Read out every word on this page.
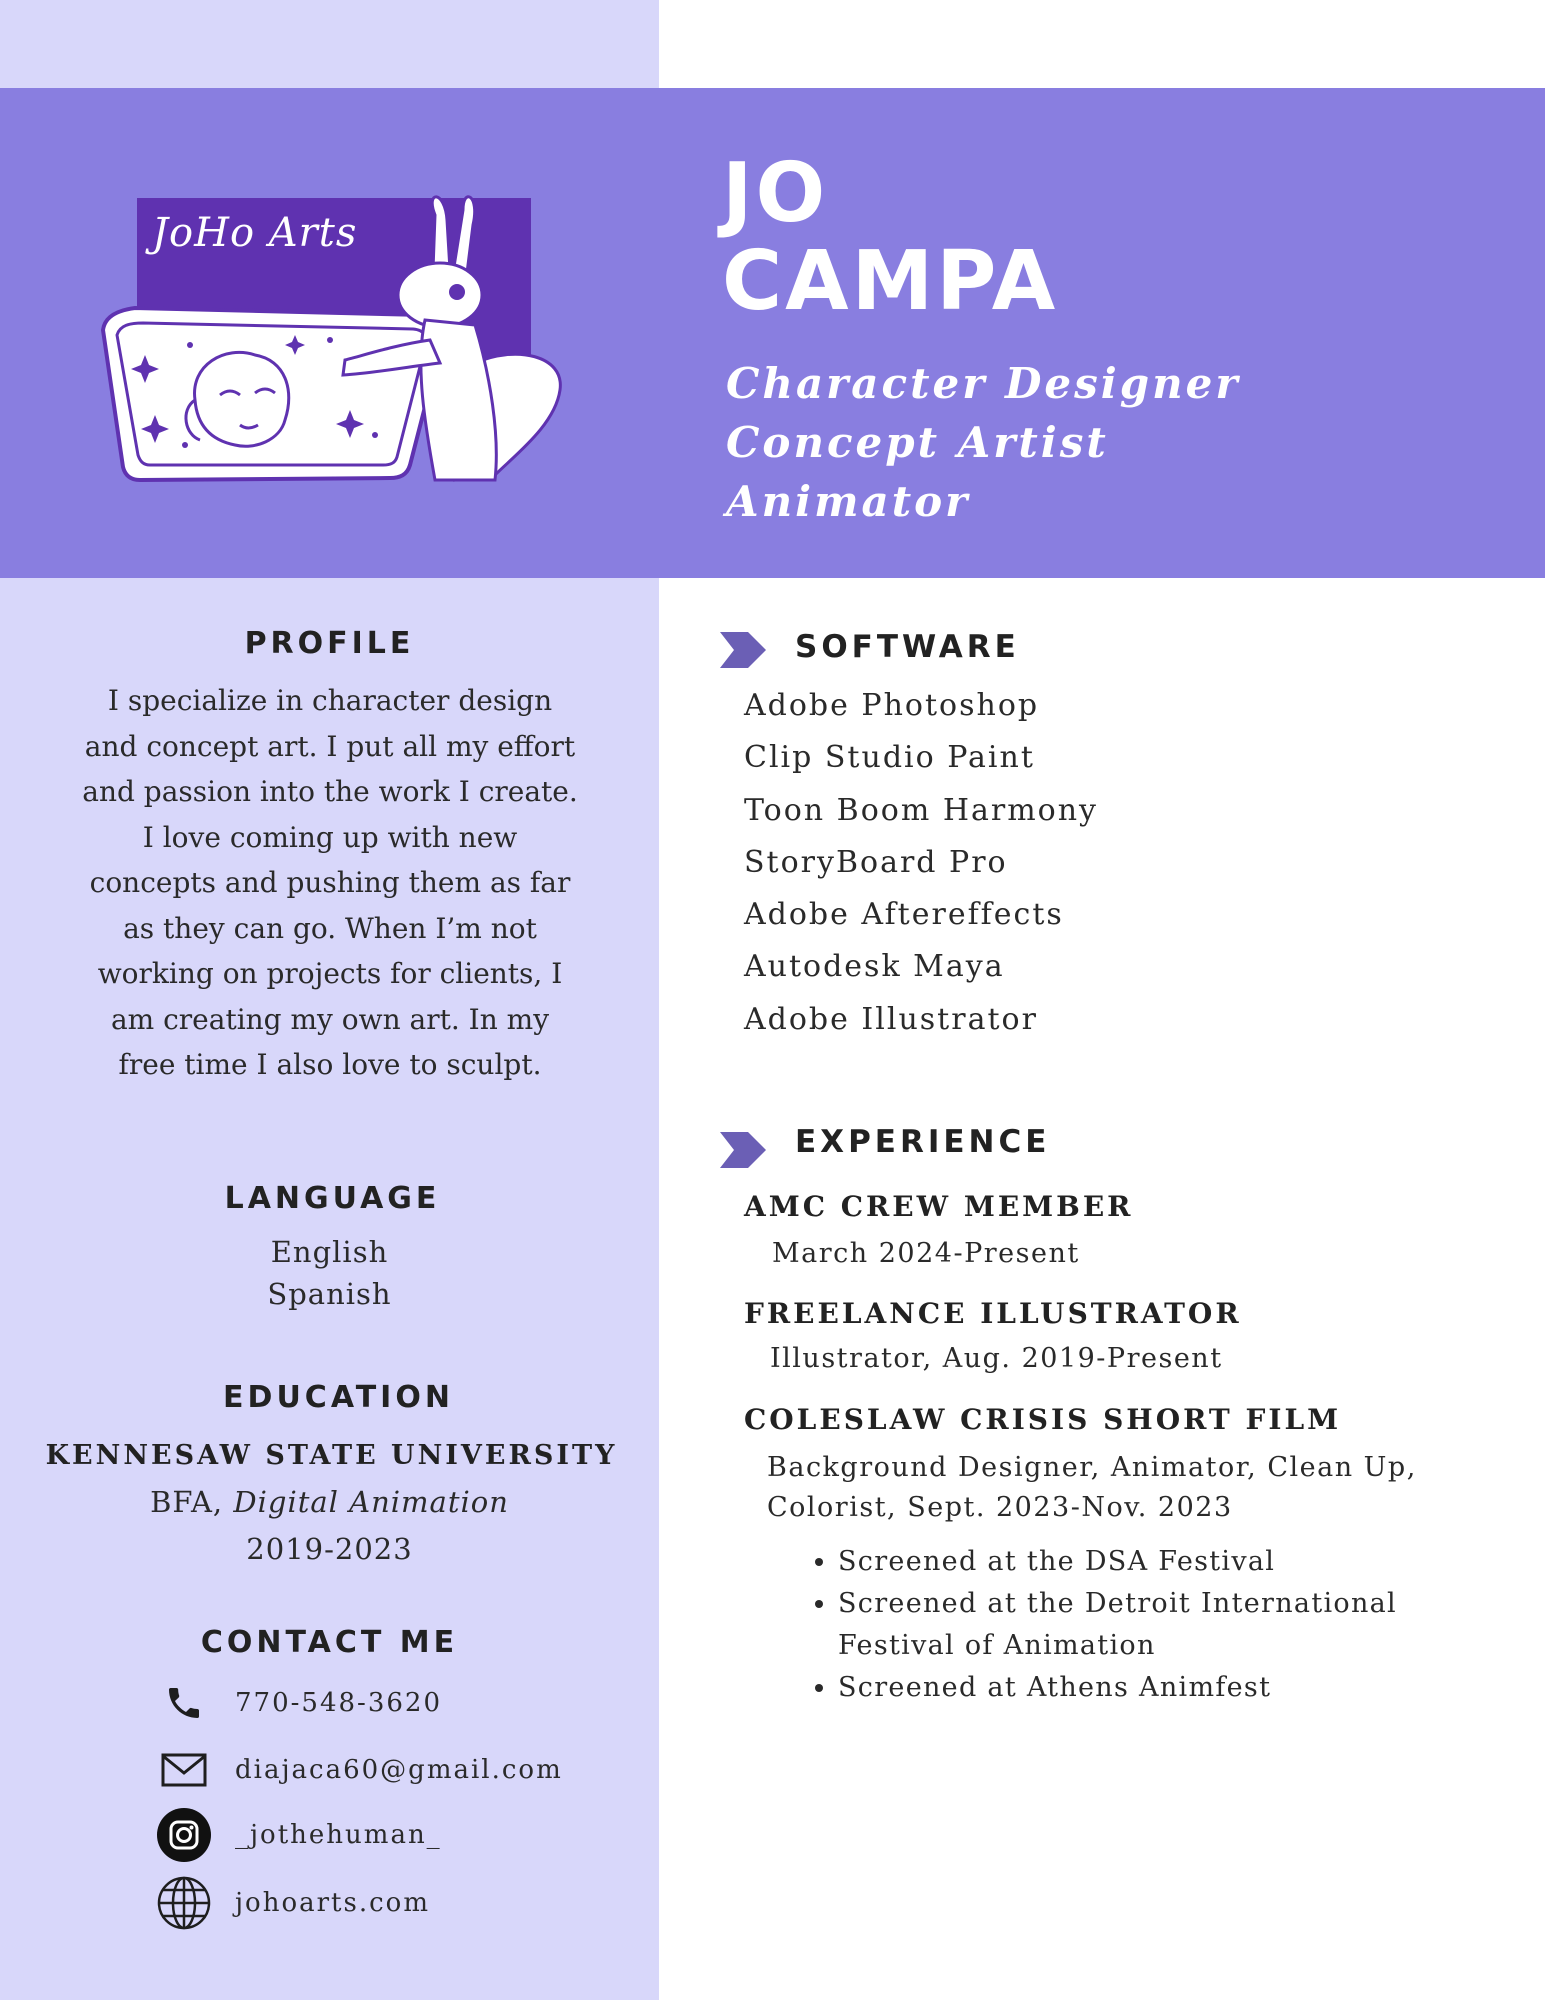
JoHo Arts	JO
CAMPA
Character Designer
Concept Artist
Animator
PROFILE
I specialize in character design and concept art. I put all my effort and passion into the work I create. I love coming up with new concepts and pushing them as far as they can go. When I’m not working on projects for clients, I am creating my own art. In my free time I also love to sculpt.
LANGUAGE
English
Spanish
EDUCATION
KENNESAW STATE UNIVERSITY
BFA, Digital Animation
2019-2023
CONTACT ME
770-548-3620
diajaca60@gmail.com
_jothehuman_
johoarts.com
SOFTWARE
Adobe Photoshop
Clip Studio Paint
Toon Boom Harmony
StoryBoard Pro
Adobe Aftereffects
Autodesk Maya
Adobe Illustrator
EXPERIENCE
AMC CREW MEMBER
March 2024-Present
FREELANCE ILLUSTRATOR
Illustrator, Aug. 2019-Present
COLESLAW CRISIS SHORT FILM
Background Designer, Animator, Clean Up,
Colorist, Sept. 2023-Nov. 2023
• Screened at the DSA Festival
• Screened at the Detroit International Festival of Animation
• Screened at Athens Animfest
